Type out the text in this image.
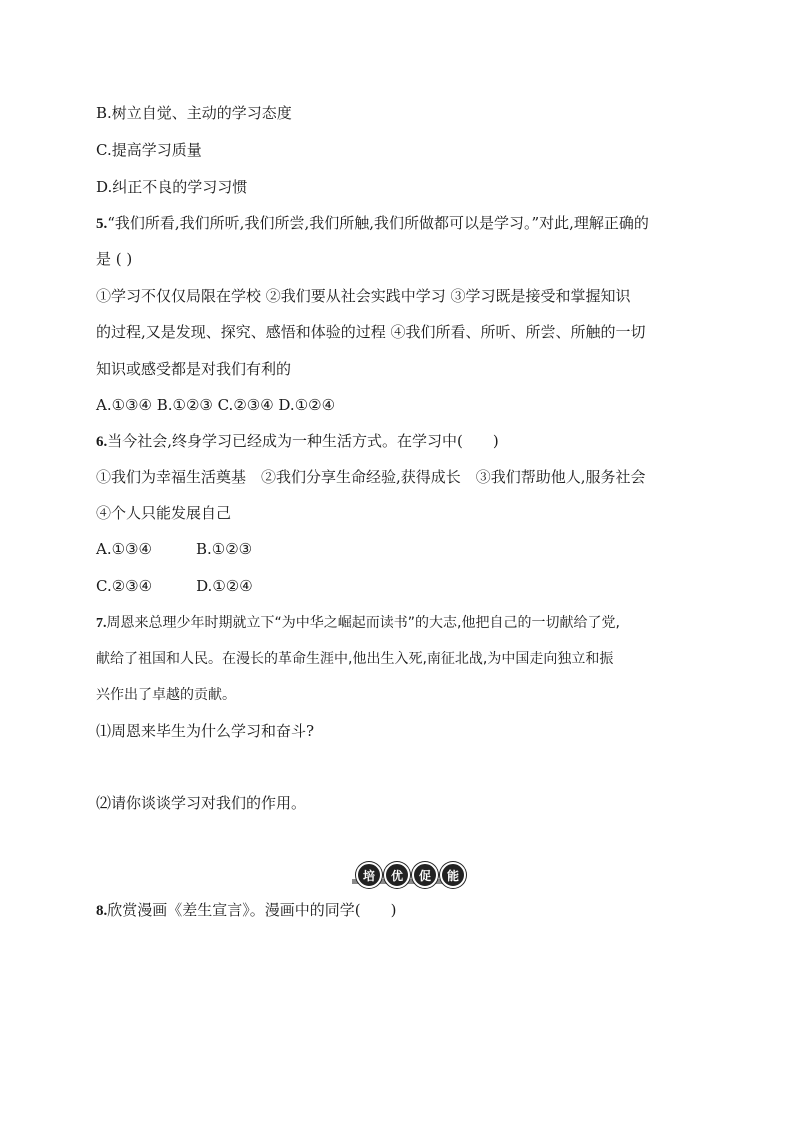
B.树立自觉、主动的学习态度
C.提高学习质量
D.纠正不良的学习习惯
5.“我们所看,我们所听,我们所尝,我们所触,我们所做都可以是学习。”对此,理解正确的
是 ( )
①学习不仅仅局限在学校 ②我们要从社会实践中学习 ③学习既是接受和掌握知识
的过程,又是发现、探究、感悟和体验的过程 ④我们所看、所听、所尝、所触的一切
知识或感受都是对我们有利的
A.①③④ B.①②③ C.②③④ D.①②④
6.当今社会,终身学习已经成为一种生活方式。在学习中(　　)
①我们为幸福生活奠基　②我们分享生命经验,获得成长　③我们帮助他人,服务社会
④个人只能发展自己
A.①③④	B.①②③
C.②③④	D.①②④
7.周恩来总理少年时期就立下“为中华之崛起而读书”的大志,他把自己的一切献给了党,
献给了祖国和人民。在漫长的革命生涯中,他出生入死,南征北战,为中国走向独立和振
兴作出了卓越的贡献。
⑴周恩来毕生为什么学习和奋斗?
⑵请你谈谈学习对我们的作用。
培	优	促	能
8.欣赏漫画《差生宣言》。漫画中的同学(　　)
